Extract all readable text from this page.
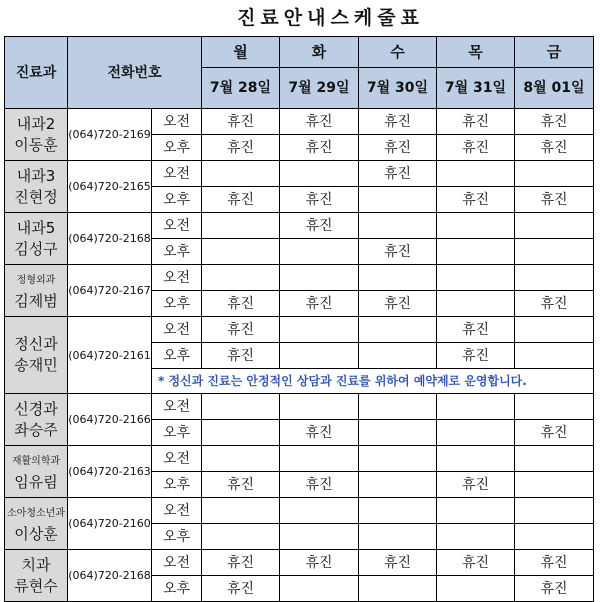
	진료안내스케줄표						
진료과	전화번호		월	화	수	목	금
			7월 28일	7월 29일	7월 30일	7월 31일	8월 01일

내과2
이동훈	(064)720-2169	오전	휴진	휴진	휴진	휴진	휴진
		오후	휴진	휴진	휴진	휴진	휴진

내과3
진현정	(064)720-2165	오전			휴진		
		오후	휴진	휴진		휴진	휴진

내과5
김성구	(064)720-2168	오전		휴진			
		오후			휴진		

정형외과
김제범	(064)720-2167	오전					
		오후	휴진	휴진	휴진		휴진

정신과
송재민	(064)720-2161	오전	휴진			휴진	
		오후	휴진			휴진	
		* 정신과 진료는 안정적인 상담과 진료를 위하여 예약제로 운영합니다.					

신경과
좌승주	(064)720-2166	오전					
		오후		휴진			휴진

재활의학과
임유림	(064)720-2163	오전					
		오후	휴진	휴진		휴진	

소아청소년과
이상훈	(064)720-2160	오전					
		오후					

치과
류현수	(064)720-2168	오전	휴진	휴진	휴진	휴진	휴진
		오후	휴진				휴진
